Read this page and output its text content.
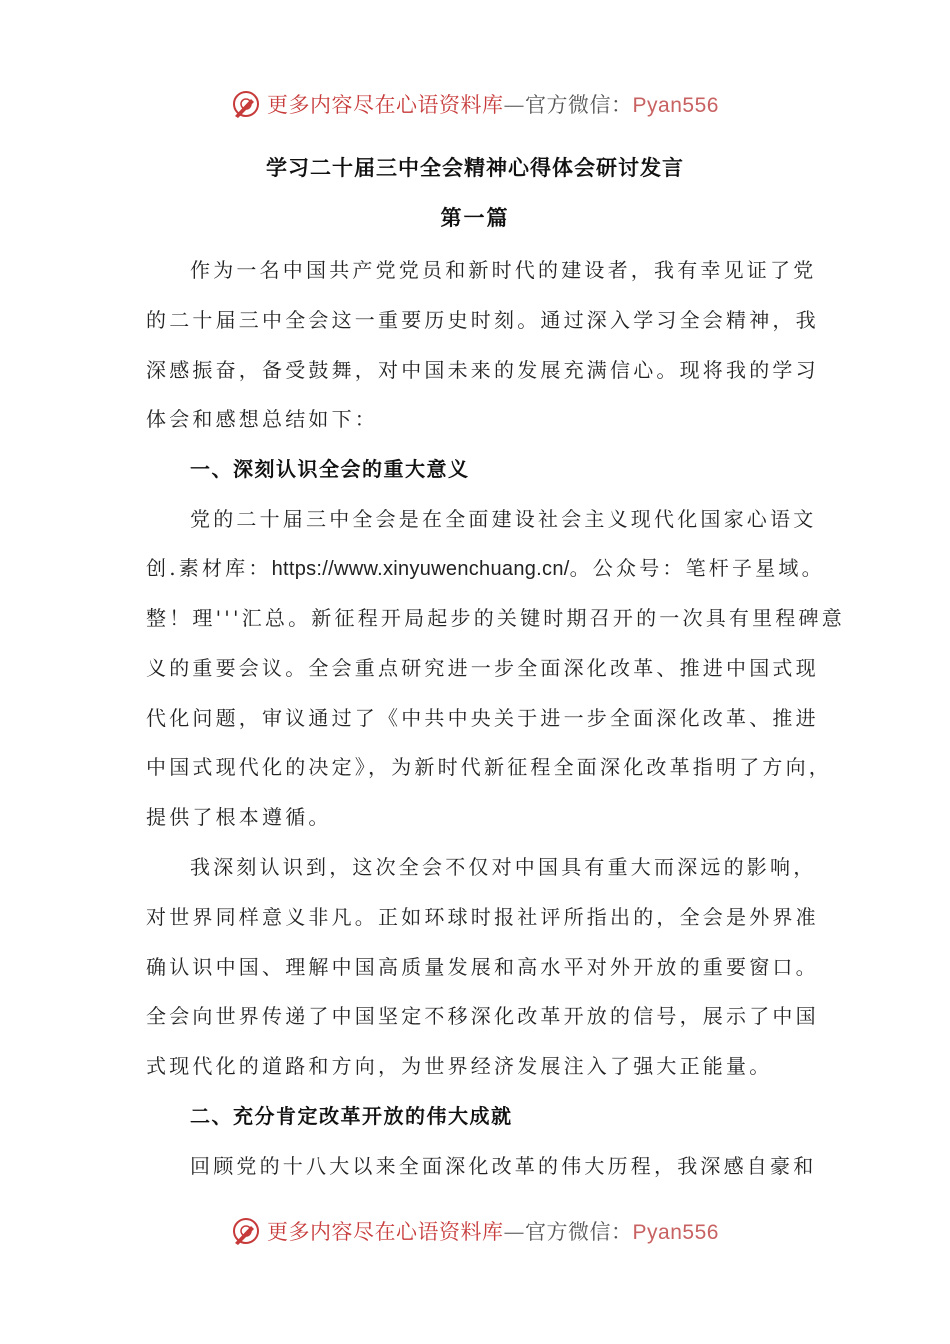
更多内容尽在心语资料库—官方微信：Pyan556
学习二十届三中全会精神心得体会研讨发言
第一篇
作为一名中国共产党党员和新时代的建设者，我有幸见证了党
的二十届三中全会这一重要历史时刻。通过深入学习全会精神，我
深感振奋，备受鼓舞，对中国未来的发展充满信心。现将我的学习
体会和感想总结如下：
一、深刻认识全会的重大意义
党的二十届三中全会是在全面建设社会主义现代化国家心语文
创.素材库：https://www.xinyuwenchuang.cn/。公众号：笔杆子星域。
整！理'''汇总。新征程开局起步的关键时期召开的一次具有里程碑意
义的重要会议。全会重点研究进一步全面深化改革、推进中国式现
代化问题，审议通过了《中共中央关于进一步全面深化改革、推进
中国式现代化的决定》，为新时代新征程全面深化改革指明了方向，
提供了根本遵循。
我深刻认识到，这次全会不仅对中国具有重大而深远的影响，
对世界同样意义非凡。正如环球时报社评所指出的，全会是外界准
确认识中国、理解中国高质量发展和高水平对外开放的重要窗口。
全会向世界传递了中国坚定不移深化改革开放的信号，展示了中国
式现代化的道路和方向，为世界经济发展注入了强大正能量。
二、充分肯定改革开放的伟大成就
回顾党的十八大以来全面深化改革的伟大历程，我深感自豪和
更多内容尽在心语资料库—官方微信：Pyan556
